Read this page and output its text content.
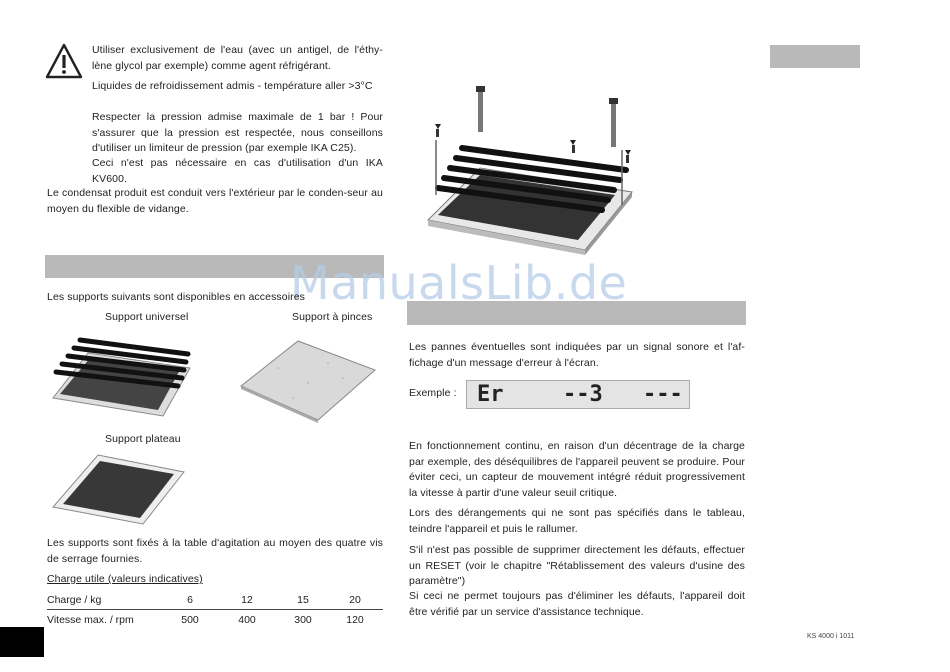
Utiliser exclusivement de l'eau (avec un antigel, de l'éthy-lène glycol par exemple) comme agent réfrigérant.
Liquides de refroidissement admis - température aller >3°C
Respecter la pression admise maximale de 1 bar ! Pour s'assurer que la pression est respectée, nous conseillons d'utiliser un limiteur de pression (par exemple IKA C25).
Ceci n'est pas nécessaire en cas d'utilisation d'un IKA KV600.
Le condensat produit est conduit vers l'extérieur par le conden-seur au moyen du flexible de vidange.
ManualsLib.de
Les supports suivants sont disponibles en accessoires
Support universel	Support à pinces
Support plateau
Les supports sont fixés à la table d'agitation au moyen des quatre vis de serrage fournies.
Charge utile (valeurs indicatives)
Charge / kg	6	12	15	20
Vitesse max. / rpm	500	400	300	120
Les pannes éventuelles sont indiquées par un signal sonore et l'af-fichage d'un message d'erreur à l'écran.
Exemple : Er	--3 ---
En fonctionnement continu, en raison d'un décentrage de la charge par exemple, des déséquilibres de l'appareil peuvent se produire. Pour éviter ceci, un capteur de mouvement intégré réduit progressivement la vitesse à partir d'une valeur seuil critique.
Lors des dérangements qui ne sont pas spécifiés dans le tableau, teindre l'appareil et puis le rallumer.
S'il n'est pas possible de supprimer directement les défauts, effectuer un RESET (voir le chapitre "Rétablissement des valeurs d'usine des paramètre")
Si ceci ne permet toujours pas d'éliminer les défauts, l'appareil doit être vérifié par un service d'assistance technique.
KS 4000 i 1011
